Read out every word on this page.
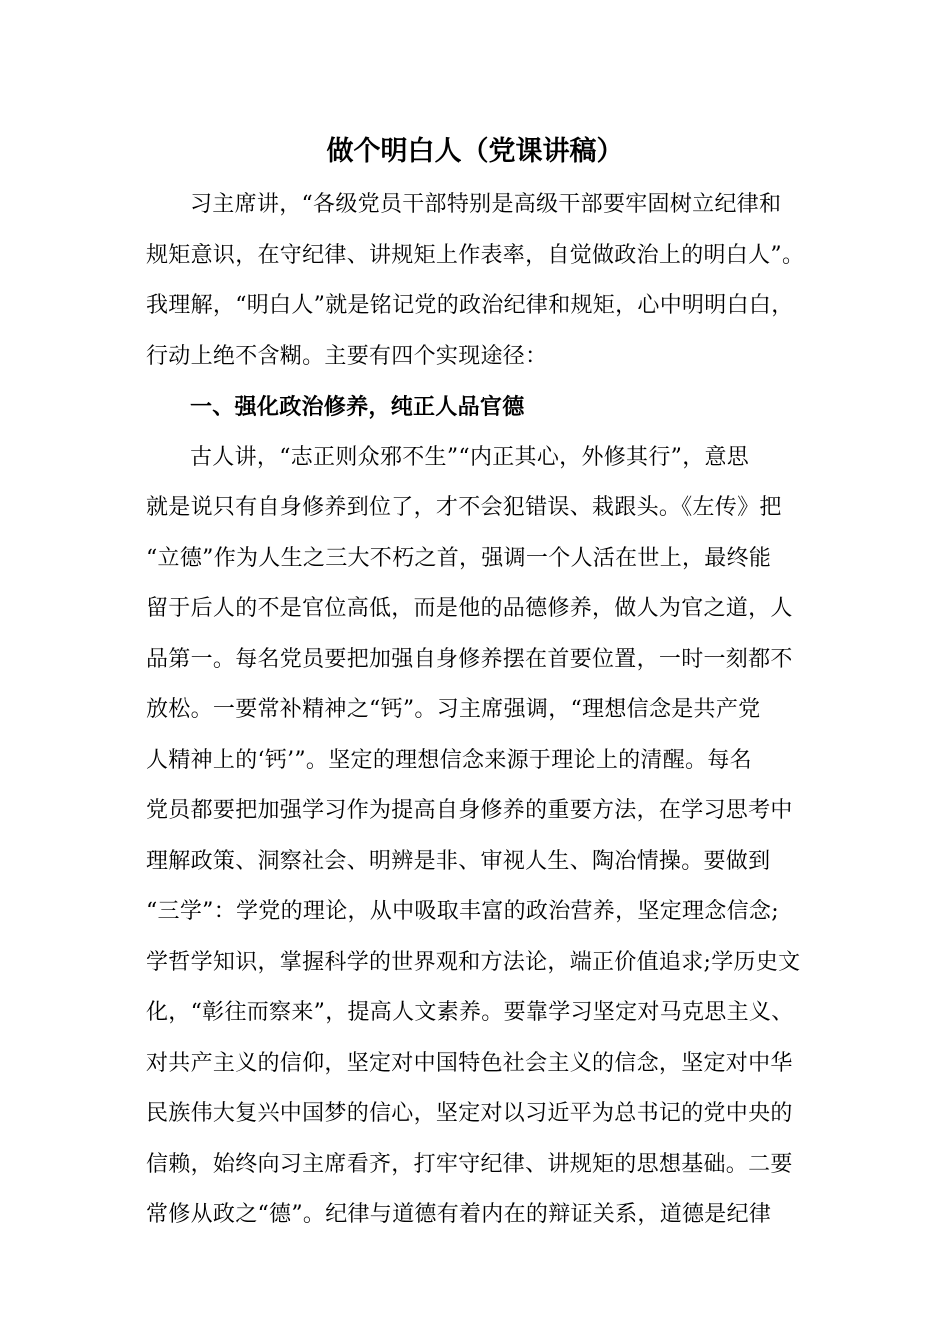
做个明白人（党课讲稿）
习主席讲，“各级党员干部特别是高级干部要牢固树立纪律和
规矩意识，在守纪律、讲规矩上作表率，自觉做政治上的明白人”。
我理解，“明白人”就是铭记党的政治纪律和规矩，心中明明白白，
行动上绝不含糊。主要有四个实现途径：
一、强化政治修养，纯正人品官德
古人讲，“志正则众邪不生”“内正其心，外修其行”，意思
就是说只有自身修养到位了，才不会犯错误、栽跟头。《左传》把
“立德”作为人生之三大不朽之首，强调一个人活在世上，最终能
留于后人的不是官位高低，而是他的品德修养，做人为官之道，人
品第一。每名党员要把加强自身修养摆在首要位置，一时一刻都不
放松。一要常补精神之“钙”。习主席强调，“理想信念是共产党
人精神上的‘钙’”。坚定的理想信念来源于理论上的清醒。每名
党员都要把加强学习作为提高自身修养的重要方法，在学习思考中
理解政策、洞察社会、明辨是非、审视人生、陶冶情操。要做到
“三学”：学党的理论，从中吸取丰富的政治营养，坚定理念信念;
学哲学知识，掌握科学的世界观和方法论，端正价值追求;学历史文
化，“彰往而察来”，提高人文素养。要靠学习坚定对马克思主义、
对共产主义的信仰，坚定对中国特色社会主义的信念，坚定对中华
民族伟大复兴中国梦的信心，坚定对以习近平为总书记的党中央的
信赖，始终向习主席看齐，打牢守纪律、讲规矩的思想基础。二要
常修从政之“德”。纪律与道德有着内在的辩证关系，道德是纪律
